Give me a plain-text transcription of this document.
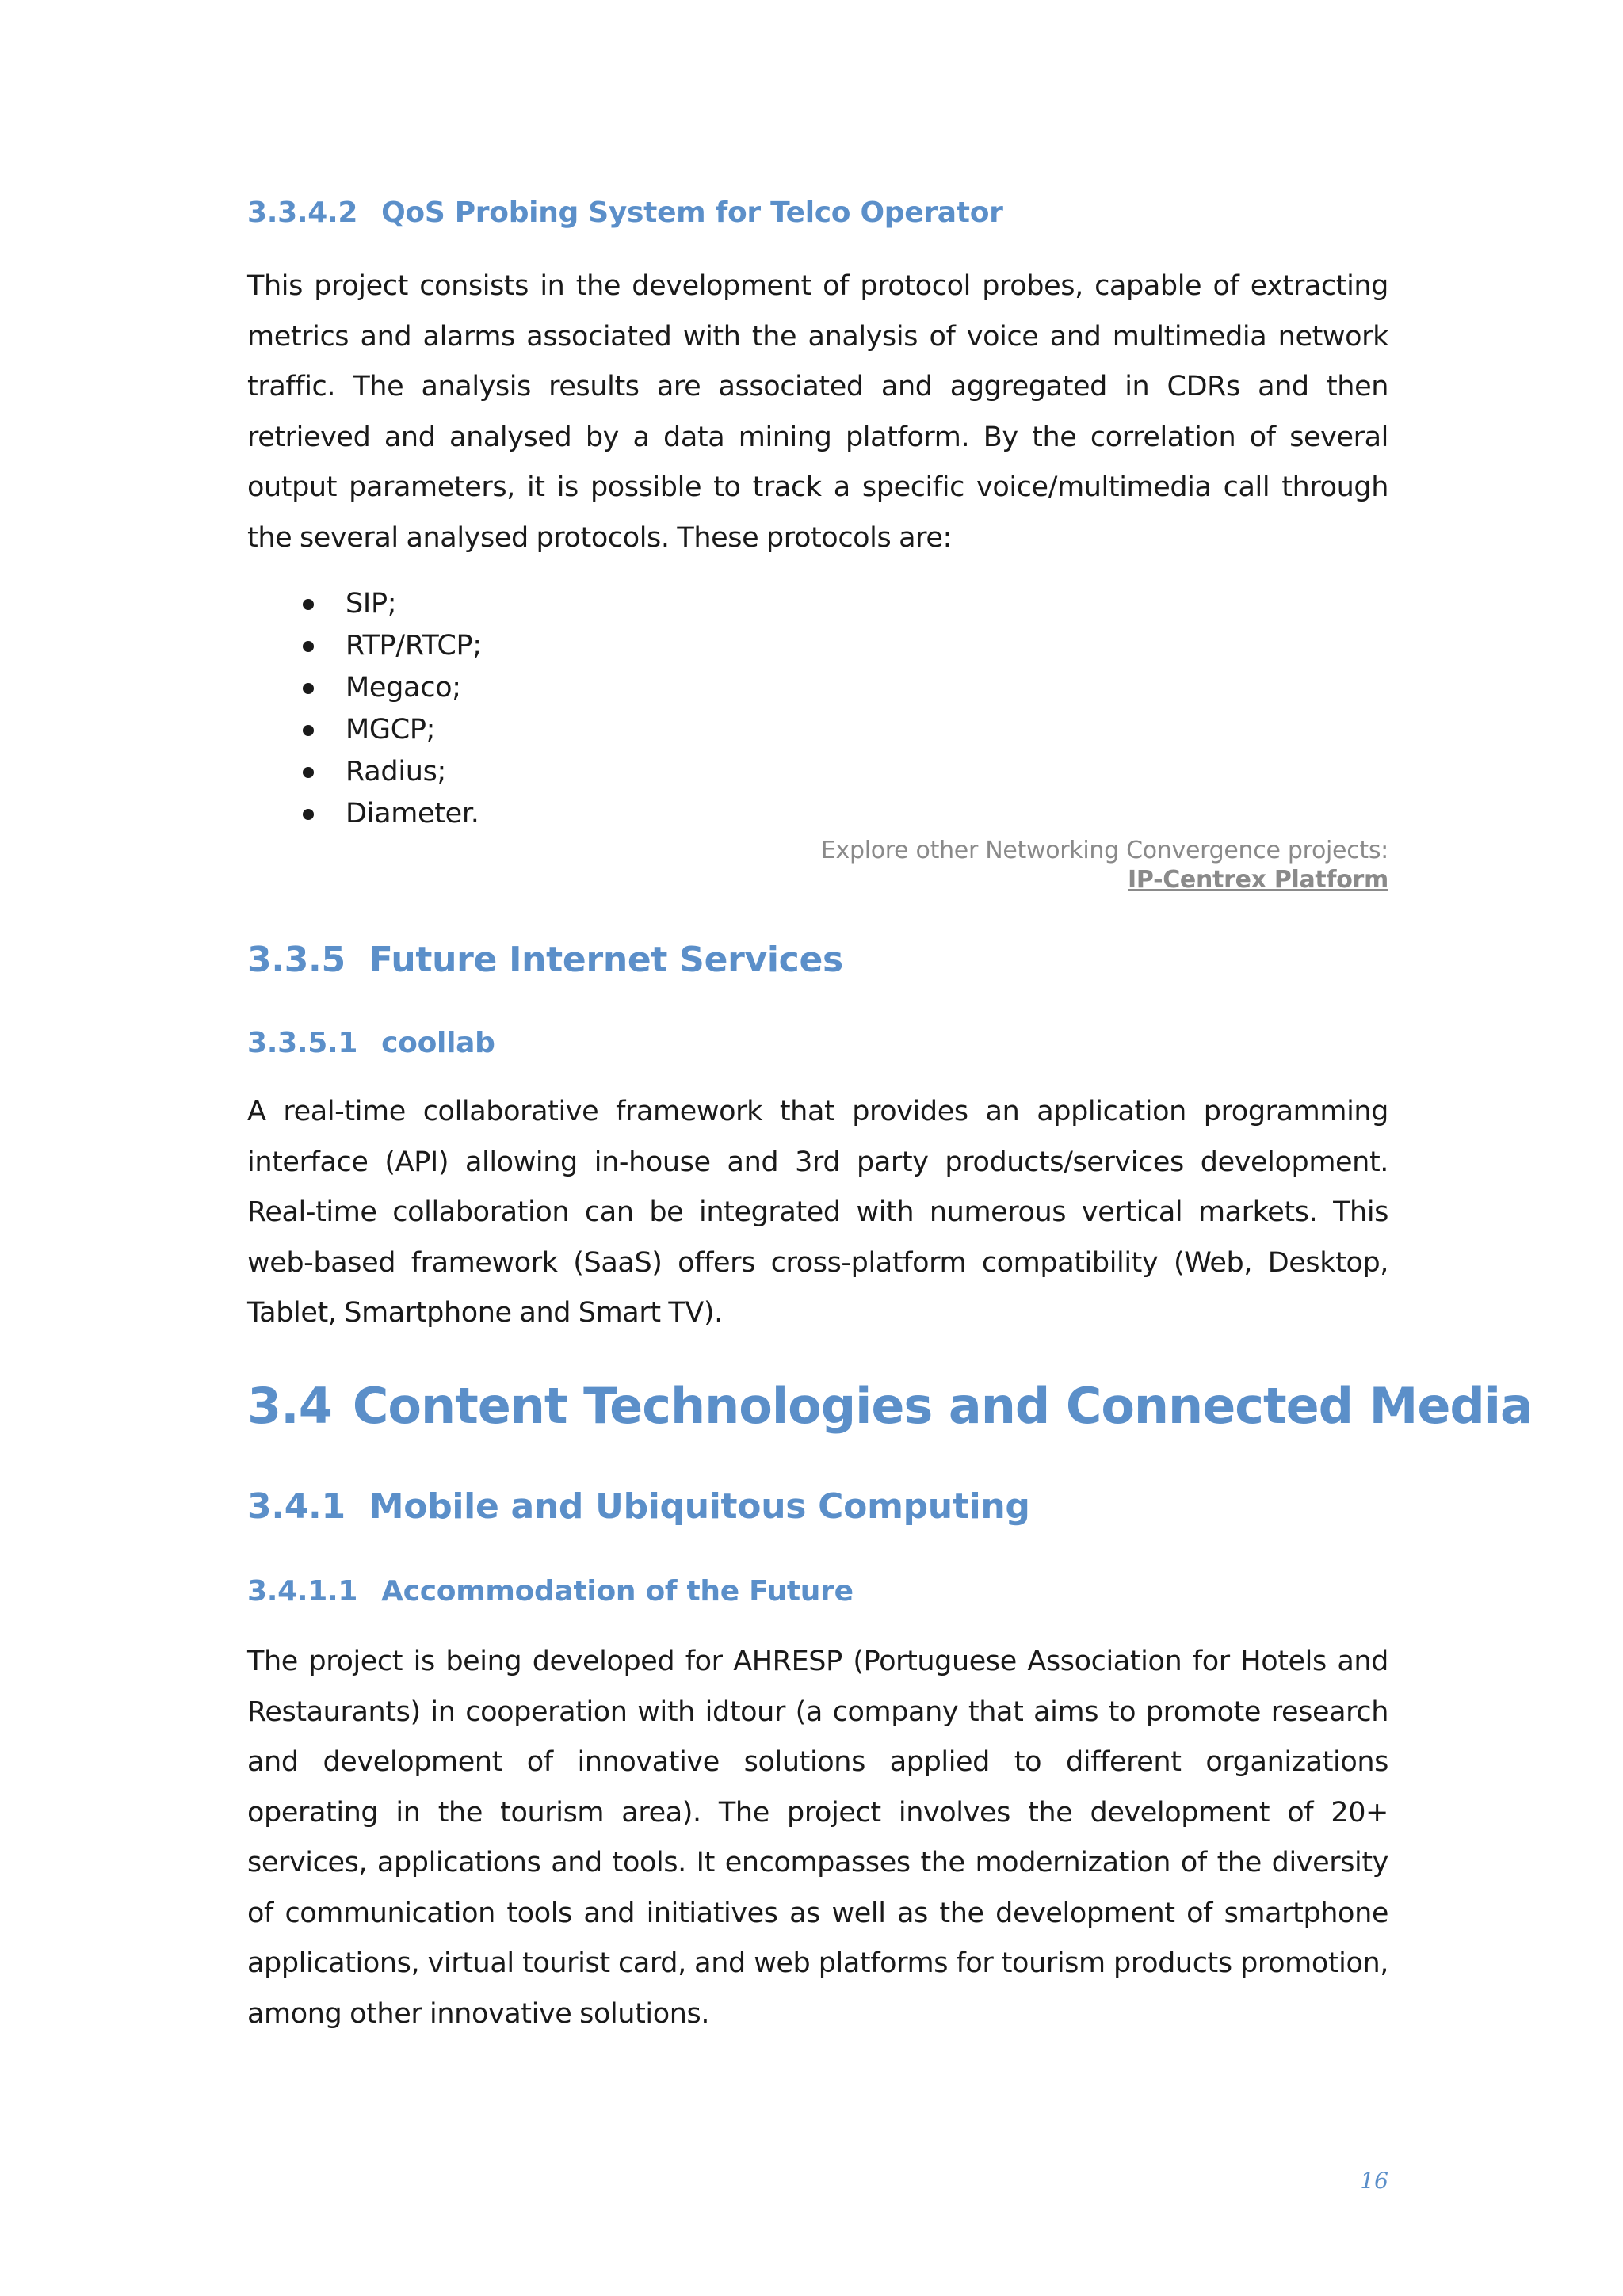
3.3.4.2 QoS Probing System for Telco Operator

This project consists in the development of protocol probes, capable of extracting metrics and alarms associated with the analysis of voice and multimedia network traffic. The analysis results are associated and aggregated in CDRs and then retrieved and analysed by a data mining platform. By the correlation of several output parameters, it is possible to track a specific voice/multimedia call through the several analysed protocols. These protocols are:

SIP;
RTP/RTCP;
Megaco;
MGCP;
Radius;
Diameter.
Explore other Networking Convergence projects:
IP-Centrex Platform
3.3.5 Future Internet Services
3.3.5.1 coollab

A real-time collaborative framework that provides an application programming interface (API) allowing in-house and 3rd party products/services development. Real-time collaboration can be integrated with numerous vertical markets. This web-based framework (SaaS) offers cross-platform compatibility (Web, Desktop, Tablet, Smartphone and Smart TV).

3.4 Content Technologies and Connected Media
3.4.1 Mobile and Ubiquitous Computing
3.4.1.1 Accommodation of the Future

The project is being developed for AHRESP (Portuguese Association for Hotels and Restaurants) in cooperation with idtour (a company that aims to promote research and development of innovative solutions applied to different organizations operating in the tourism area). The project involves the development of 20+ services, applications and tools. It encompasses the modernization of the diversity of communication tools and initiatives as well as the development of smartphone applications, virtual tourist card, and web platforms for tourism products promotion, among other innovative solutions.

16
